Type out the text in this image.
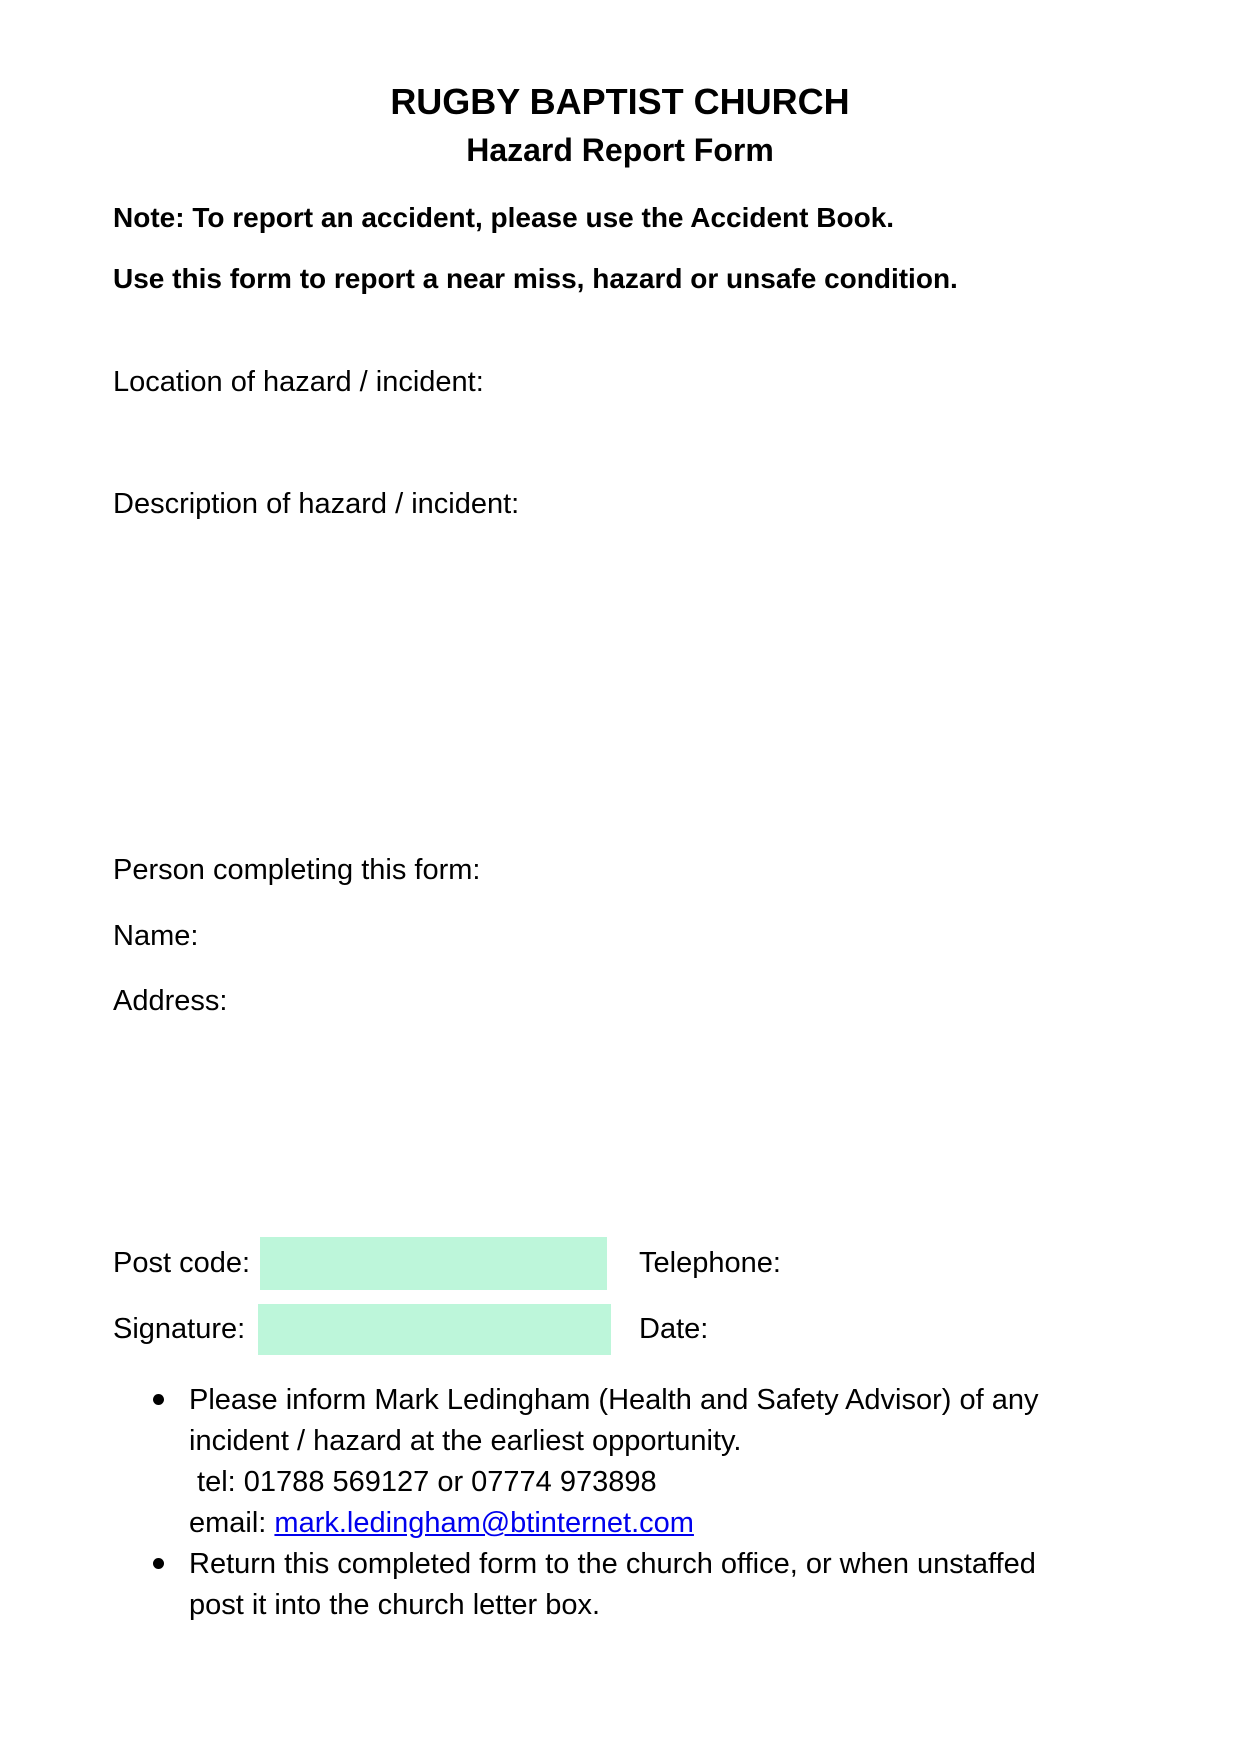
RUGBY BAPTIST CHURCH
Hazard Report Form
Note: To report an accident, please use the Accident Book.
Use this form to report a near miss, hazard or unsafe condition.
Location of hazard / incident:
Description of hazard / incident:
Person completing this form:
Name:
Address:
Post code:	Telephone:
Signature:	Date:
Please inform Mark Ledingham (Health and Safety Advisor) of any
incident / hazard at the earliest opportunity.
tel: 01788 569127 or 07774 973898
email: mark.ledingham@btinternet.com
Return this completed form to the church office, or when unstaffed
post it into the church letter box.
